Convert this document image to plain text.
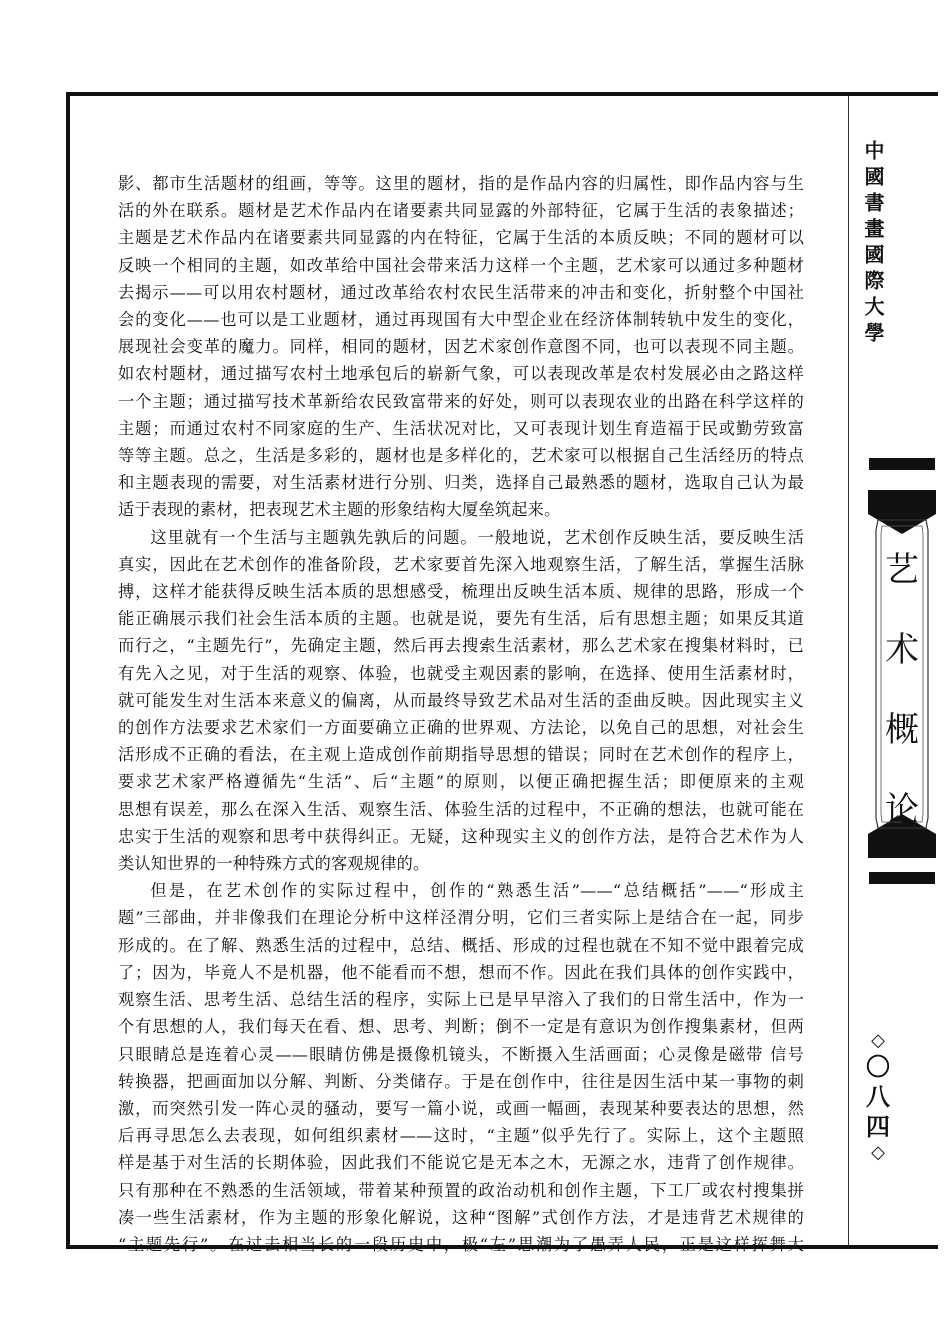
中國書畫國際大學
艺
术
概
论
◇
〇
八
四
◇
影、都市生活题材的组画，等等。这里的题材，指的是作品内容的归属性，即作品内容与生
活的外在联系。题材是艺术作品内在诸要素共同显露的外部特征，它属于生活的表象描述；
主题是艺术作品内在诸要素共同显露的内在特征，它属于生活的本质反映；不同的题材可以
反映一个相同的主题，如改革给中国社会带来活力这样一个主题，艺术家可以通过多种题材
去揭示——可以用农村题材，通过改革给农村农民生活带来的冲击和变化，折射整个中国社
会的变化——也可以是工业题材，通过再现国有大中型企业在经济体制转轨中发生的变化，
展现社会变革的魔力。同样，相同的题材，因艺术家创作意图不同，也可以表现不同主题。
如农村题材，通过描写农村土地承包后的崭新气象，可以表现改革是农村发展必由之路这样
一个主题；通过描写技术革新给农民致富带来的好处，则可以表现农业的出路在科学这样的
主题；而通过农村不同家庭的生产、生活状况对比，又可表现计划生育造福于民或勤劳致富
等等主题。总之，生活是多彩的，题材也是多样化的，艺术家可以根据自己生活经历的特点
和主题表现的需要，对生活素材进行分别、归类，选择自己最熟悉的题材，选取自己认为最
适于表现的素材，把表现艺术主题的形象结构大厦垒筑起来。
这里就有一个生活与主题孰先孰后的问题。一般地说，艺术创作反映生活，要反映生活
真实，因此在艺术创作的准备阶段，艺术家要首先深入地观察生活，了解生活，掌握生活脉
搏，这样才能获得反映生活本质的思想感受，梳理出反映生活本质、规律的思路，形成一个
能正确展示我们社会生活本质的主题。也就是说，要先有生活，后有思想主题；如果反其道
而行之，“主题先行”，先确定主题，然后再去搜索生活素材，那么艺术家在搜集材料时，已
有先入之见，对于生活的观察、体验，也就受主观因素的影响，在选择、使用生活素材时，
就可能发生对生活本来意义的偏离，从而最终导致艺术品对生活的歪曲反映。因此现实主义
的创作方法要求艺术家们一方面要确立正确的世界观、方法论，以免自己的思想，对社会生
活形成不正确的看法，在主观上造成创作前期指导思想的错误；同时在艺术创作的程序上，
要求艺术家严格遵循先“生活”、后“主题”的原则，以便正确把握生活；即便原来的主观
思想有误差，那么在深入生活、观察生活、体验生活的过程中，不正确的想法，也就可能在
忠实于生活的观察和思考中获得纠正。无疑，这种现实主义的创作方法，是符合艺术作为人
类认知世界的一种特殊方式的客观规律的。
但是，在艺术创作的实际过程中，创作的“熟悉生活”——“总结概括”——“形成主
题”三部曲，并非像我们在理论分析中这样泾渭分明，它们三者实际上是结合在一起，同步
形成的。在了解、熟悉生活的过程中，总结、概括、形成的过程也就在不知不觉中跟着完成
了；因为，毕竟人不是机器，他不能看而不想，想而不作。因此在我们具体的创作实践中，
观察生活、思考生活、总结生活的程序，实际上已是早早溶入了我们的日常生活中，作为一
个有思想的人，我们每天在看、想、思考、判断；倒不一定是有意识为创作搜集素材，但两
只眼睛总是连着心灵——眼睛仿佛是摄像机镜头，不断摄入生活画面；心灵像是磁带 信号
转换器，把画面加以分解、判断、分类储存。于是在创作中，往往是因生活中某一事物的刺
激，而突然引发一阵心灵的骚动，要写一篇小说，或画一幅画，表现某种要表达的思想，然
后再寻思怎么去表现，如何组织素材——这时，“主题”似乎先行了。实际上，这个主题照
样是基于对生活的长期体验，因此我们不能说它是无本之木，无源之水，违背了创作规律。
只有那种在不熟悉的生活领域，带着某种预置的政治动机和创作主题，下工厂或农村搜集拼
凑一些生活素材，作为主题的形象化解说，这种“图解”式创作方法，才是违背艺术规律的
“主题先行”。在过去相当长的一段历史中，极“左”思潮为了愚弄人民，正是这样挥舞大
